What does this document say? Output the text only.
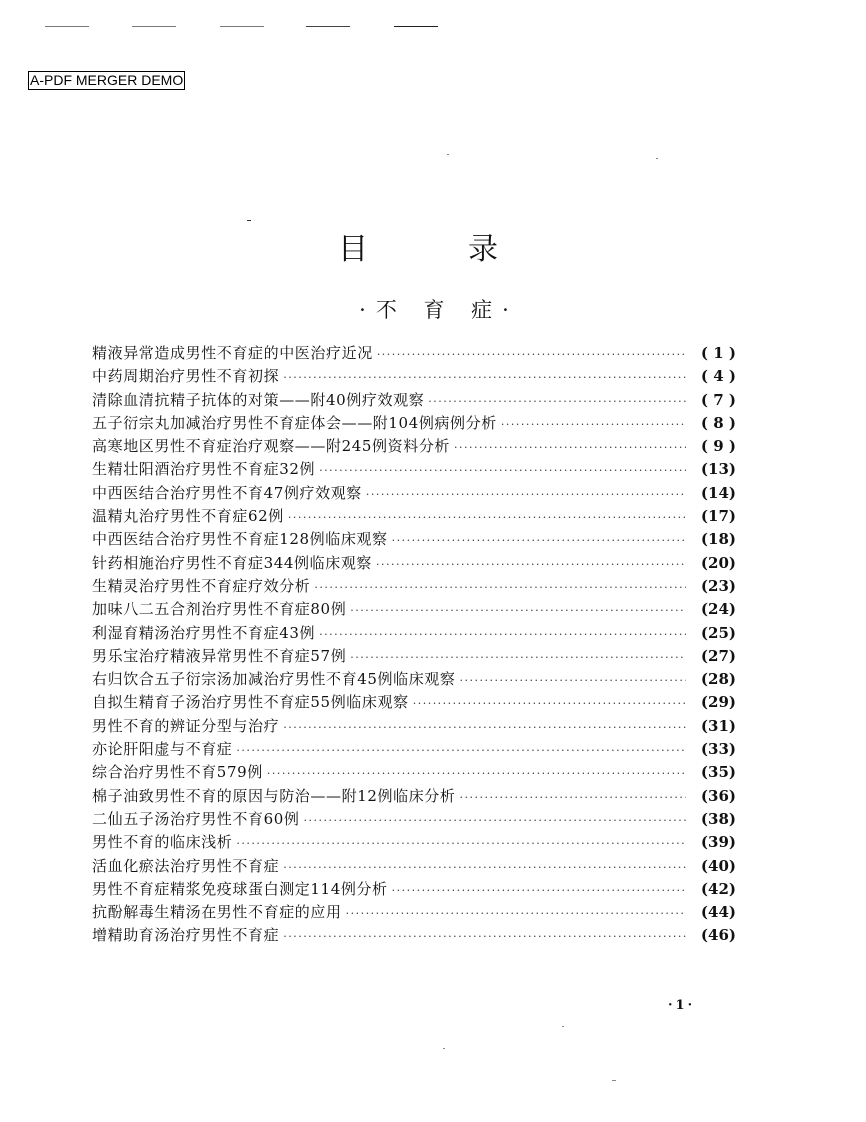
A-PDF MERGER DEMO
目	录
·不 育 症·
精液异常造成男性不育症的中医治疗近况 ·····	( 1 )
中药周期治疗男性不育初探 ·····	( 4 )
清除血清抗精子抗体的对策——附40例疗效观察 ·····	( 7 )
五子衍宗丸加减治疗男性不育症体会——附104例病例分析 ·····	( 8 )
高寒地区男性不育症治疗观察——附245例资料分析 ·····	( 9 )
生精壮阳酒治疗男性不育症32例 ·····	(13)
中西医结合治疗男性不育47例疗效观察 ·····	(14)
温精丸治疗男性不育症62例 ·····	(17)
中西医结合治疗男性不育症128例临床观察 ·····	(18)
针药相施治疗男性不育症344例临床观察 ·····	(20)
生精灵治疗男性不育症疗效分析 ·····	(23)
加味八二五合剂治疗男性不育症80例 ·····	(24)
利湿育精汤治疗男性不育症43例 ·····	(25)
男乐宝治疗精液异常男性不育症57例 ·····	(27)
右归饮合五子衍宗汤加减治疗男性不育45例临床观察 ·····	(28)
自拟生精育子汤治疗男性不育症55例临床观察 ·····	(29)
男性不育的辨证分型与治疗 ·····	(31)
亦论肝阳虚与不育症 ·····	(33)
综合治疗男性不育579例 ·····	(35)
棉子油致男性不育的原因与防治——附12例临床分析 ·····	(36)
二仙五子汤治疗男性不育60例 ·····	(38)
男性不育的临床浅析 ·····	(39)
活血化瘀法治疗男性不育症 ·····	(40)
男性不育症精浆免疫球蛋白测定114例分析 ·····	(42)
抗酚解毒生精汤在男性不育症的应用 ·····	(44)
增精助育汤治疗男性不育症 ·····	(46)
·1·
